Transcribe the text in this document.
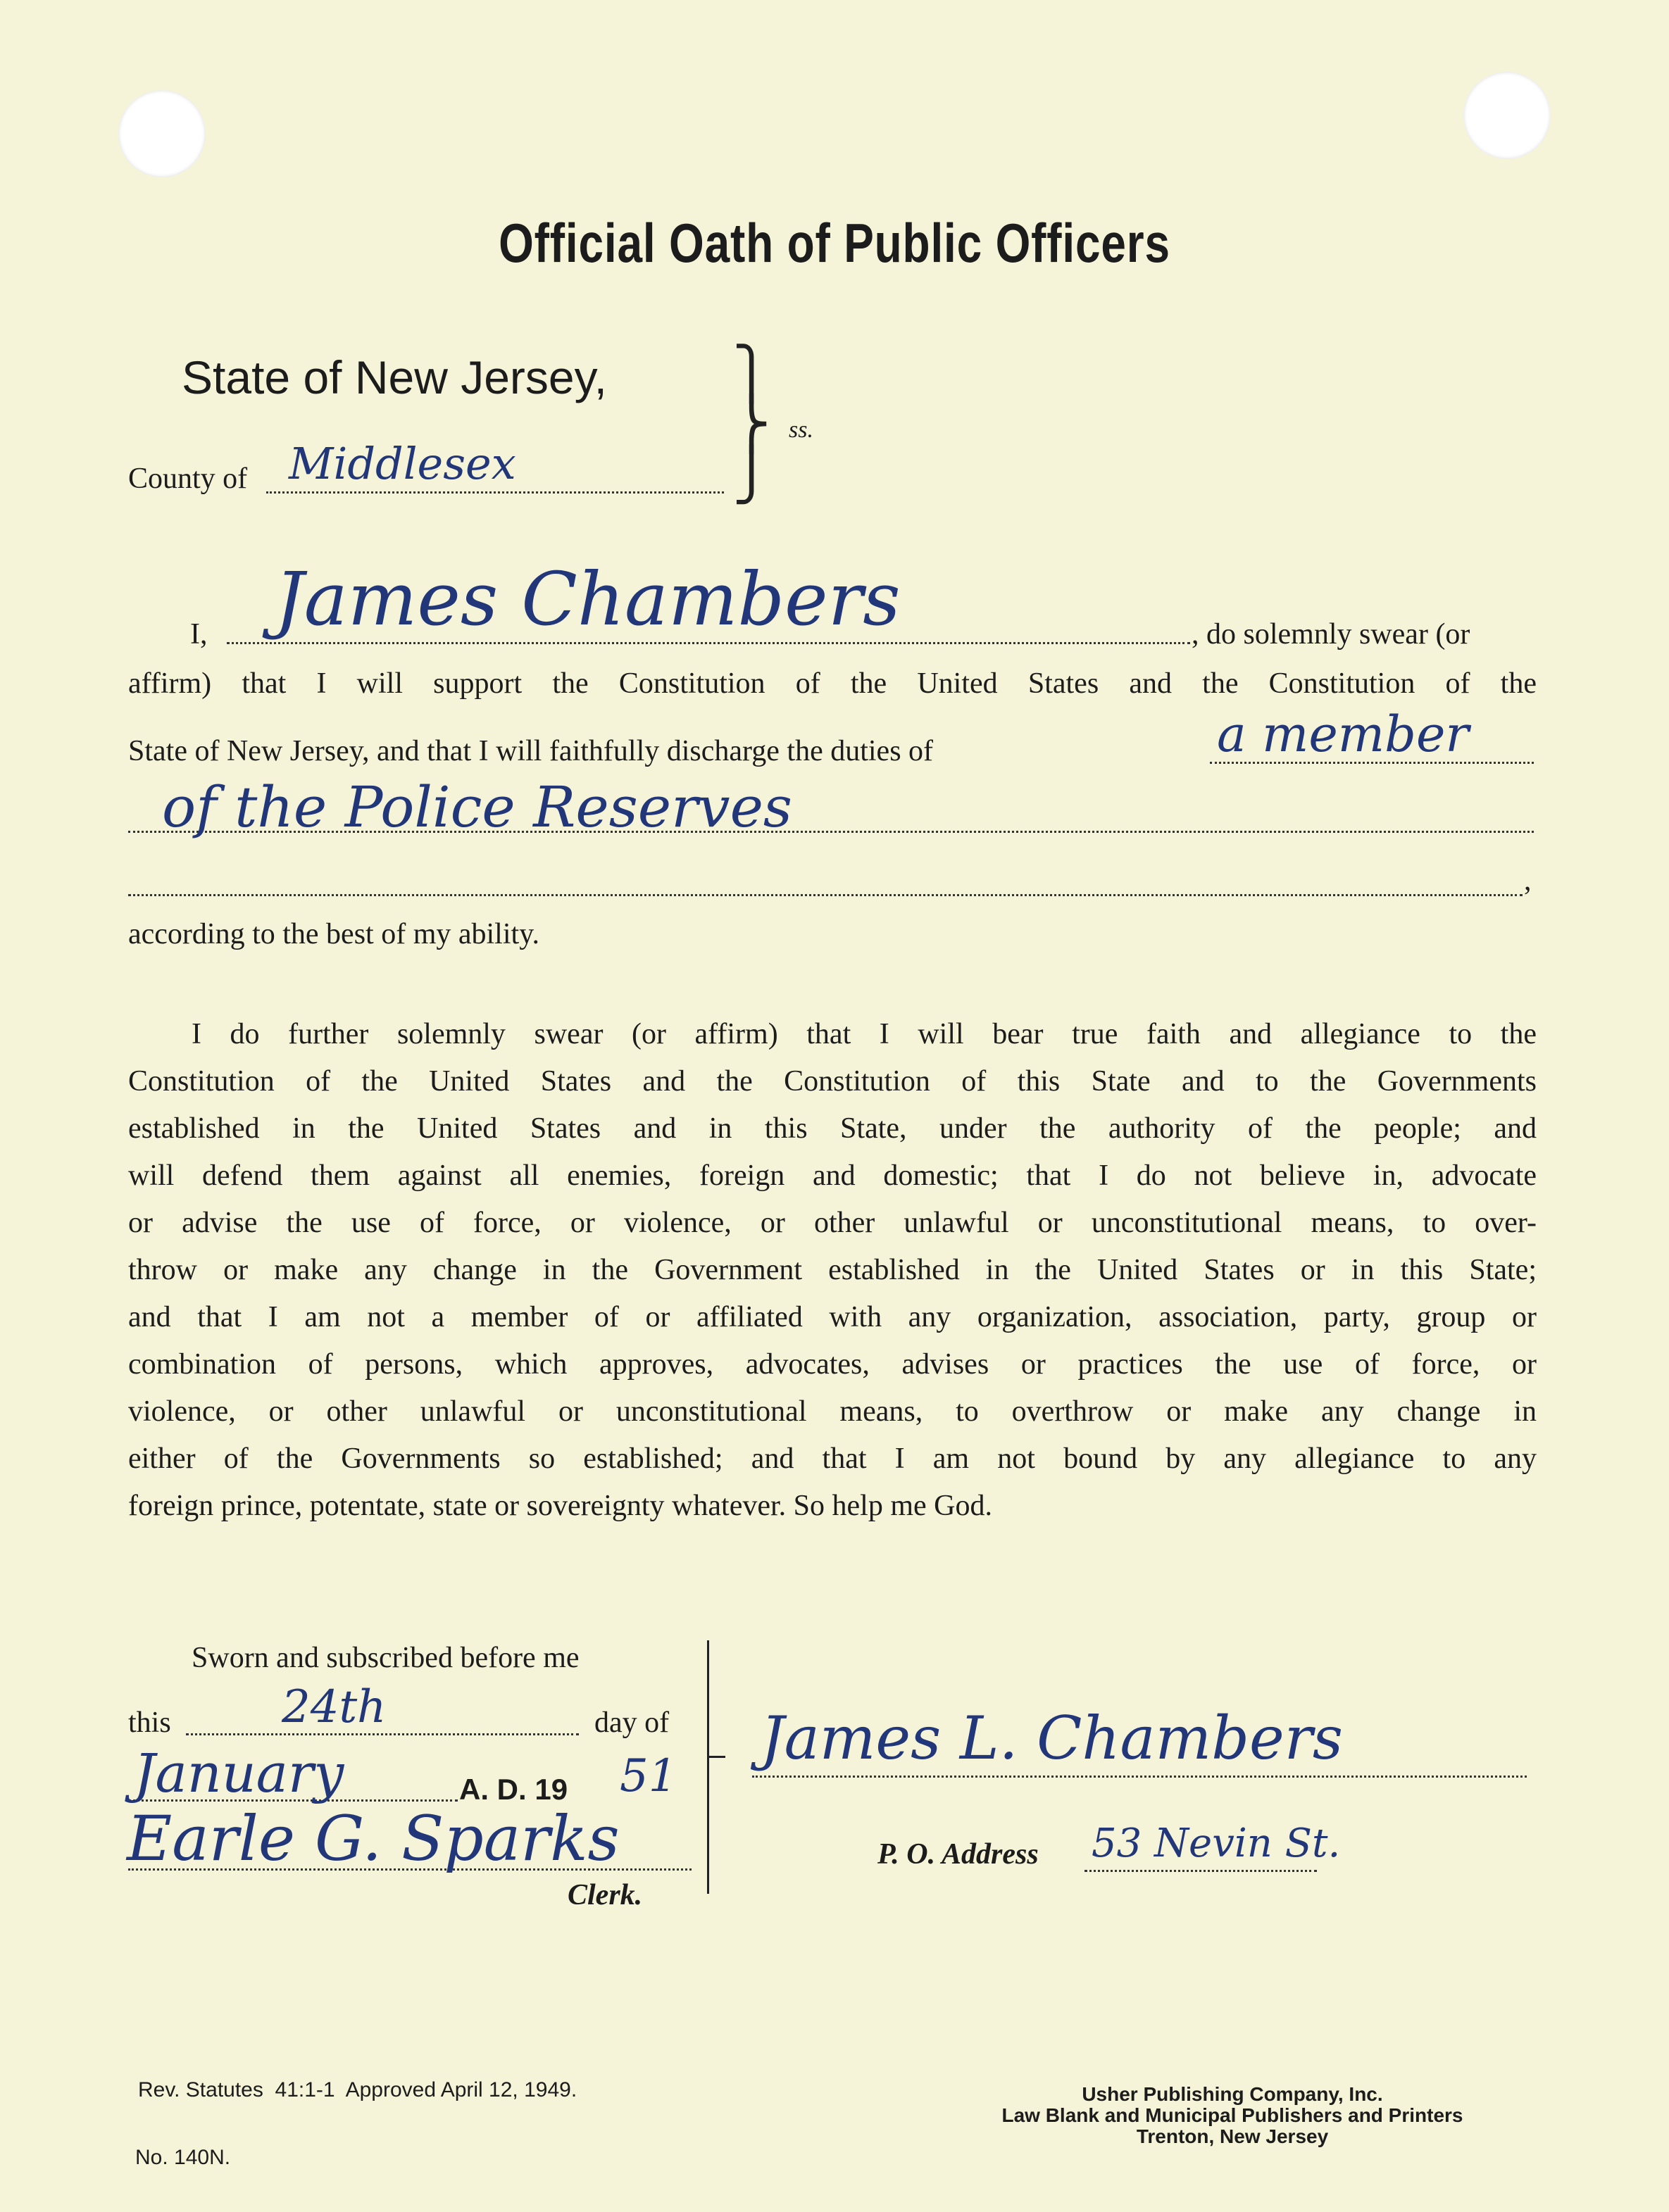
Official Oath of Public Officers
State of New Jersey, ⎫
⎬
⎭
ss.
County of Middlesex
I, James Chambers	, do solemnly swear (or
affirm) that I will support the Constitution of the United States and the Constitution of the
State of New Jersey, and that I will faithfully discharge the duties of	a member
of the Police Reserves
,
according to the best of my ability.
I do further solemnly swear (or affirm) that I will bear true faith and allegiance to the
Constitution of the United States and the Constitution of this State and to the Governments
established in the United States and in this State, under the authority of the people; and
will defend them against all enemies, foreign and domestic; that I do not believe in, advocate
or advise the use of force, or violence, or other unlawful or unconstitutional means, to over-
throw or make any change in the Government established in the United States or in this State;
and that I am not a member of or affiliated with any organization, association, party, group or
combination of persons, which approves, advocates, advises or practices the use of force, or
violence, or other unlawful or unconstitutional means, to overthrow or make any change in
either of the Governments so established; and that I am not bound by any allegiance to any
foreign prince, potentate, state or sovereignty whatever. So help me God.
Sworn and subscribed before me
this 24th	day of
January	A. D. 19 51
Earle G. Sparks
Clerk.
James L. Chambers
P. O. Address 53 Nevin St.
Rev. Statutes  41:1-1  Approved April 12, 1949.
No. 140N.
Usher Publishing Company, Inc.
Law Blank and Municipal Publishers and Printers
Trenton, New Jersey
